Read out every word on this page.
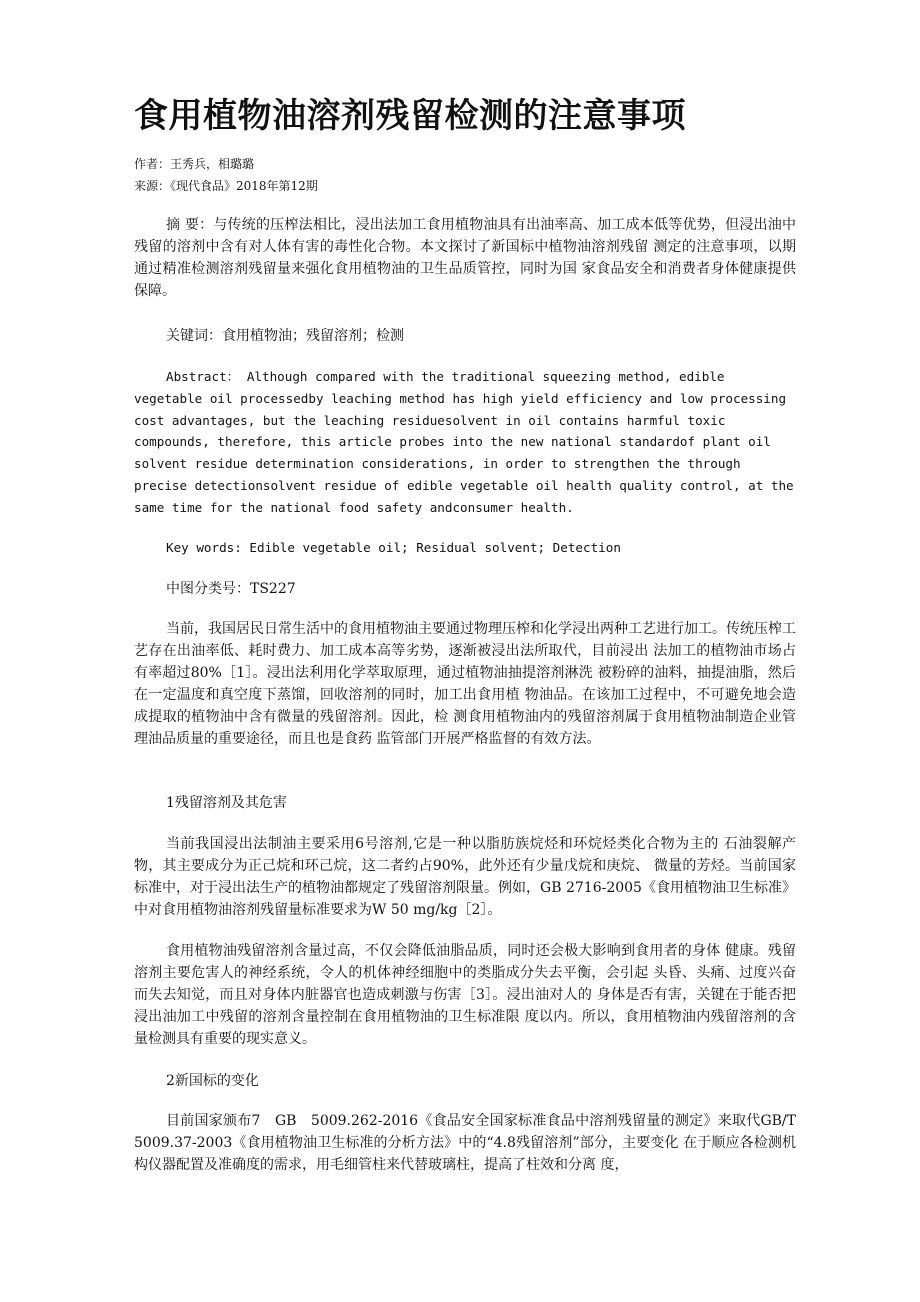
食用植物油溶剂残留检测的注意事项
作者：王秀兵，相璐璐
来源：《现代食品》2018年第12期

摘 要：与传统的压榨法相比，浸出法加工食用植物油具有出油率高、加工成本低等优势，但浸出油中残留的溶剂中含有对人体有害的毒性化合物。本文探讨了新国标中植物油溶剂残留 测定的注意事项，以期通过精准检测溶剂残留量来强化食用植物油的卫生品质管控，同时为国 家食品安全和消费者身体健康提供保障。

关键词：食用植物油；残留溶剂；检测

Abstract： Although compared with the traditional squeezing method, edible vegetable oil processedby leaching method has high yield efficiency and low processing cost advantages, but the leaching residuesolvent in oil contains harmful toxic compounds, therefore, this article probes into the new national standardof plant oil solvent residue determination considerations, in order to strengthen the through precise detectionsolvent residue of edible vegetable oil health quality control, at the same time for the national food safety andconsumer health.

Key words: Edible vegetable oil; Residual solvent; Detection

中图分类号：TS227

当前，我国居民日常生活中的食用植物油主要通过物理压榨和化学浸出两种工艺进行加工。传统压榨工艺存在出油率低、耗时费力、加工成本高等劣势，逐渐被浸出法所取代，目前浸出 法加工的植物油市场占有率超过80%［1］。浸出法利用化学萃取原理，通过植物油抽提溶剂淋洗 被粉碎的油料，抽提油脂，然后在一定温度和真空度下蒸馏，回收溶剂的同时，加工出食用植 物油品。在该加工过程中，不可避免地会造成提取的植物油中含有微量的残留溶剂。因此，检 测食用植物油内的残留溶剂属于食用植物油制造企业管理油品质量的重要途径，而且也是食药 监管部门开展严格监督的有效方法。

1残留溶剂及其危害

当前我国浸出法制油主要采用6号溶剂,它是一种以脂肪族烷烃和环烷烃类化合物为主的 石油裂解产物，其主要成分为正己烷和环己烷，这二者约占90%，此外还有少量戊烷和庚烷、 微量的芳烃。当前国家标准中，对于浸出法生产的植物油都规定了残留溶剂限量。例如，GB 2716-2005《食用植物油卫生标准》中对食用植物油溶剂残留量标准要求为W 50 mg/kg［2］。

食用植物油残留溶剂含量过高，不仅会降低油脂品质，同时还会极大影响到食用者的身体 健康。残留溶剂主要危害人的神经系统，令人的机体神经细胞中的类脂成分失去平衡，会引起 头昏、头痛、过度兴奋而失去知觉，而且对身体内脏器官也造成刺激与伤害［3］。浸出油对人的 身体是否有害，关键在于能否把浸出油加工中残留的溶剂含量控制在食用植物油的卫生标准限 度以内。所以，食用植物油内残留溶剂的含量检测具有重要的现实意义。

2新国标的变化

目前国家颁布7　GB　5009.262-2016《食品安全国家标准食品中溶剂残留量的测定》来取代GB/T 5009.37-2003《食用植物油卫生标准的分析方法》中的“4.8残留溶剂”部分，主要变化 在于顺应各检测机构仪器配置及准确度的需求，用毛细管柱来代替玻璃柱，提高了柱效和分离 度，
